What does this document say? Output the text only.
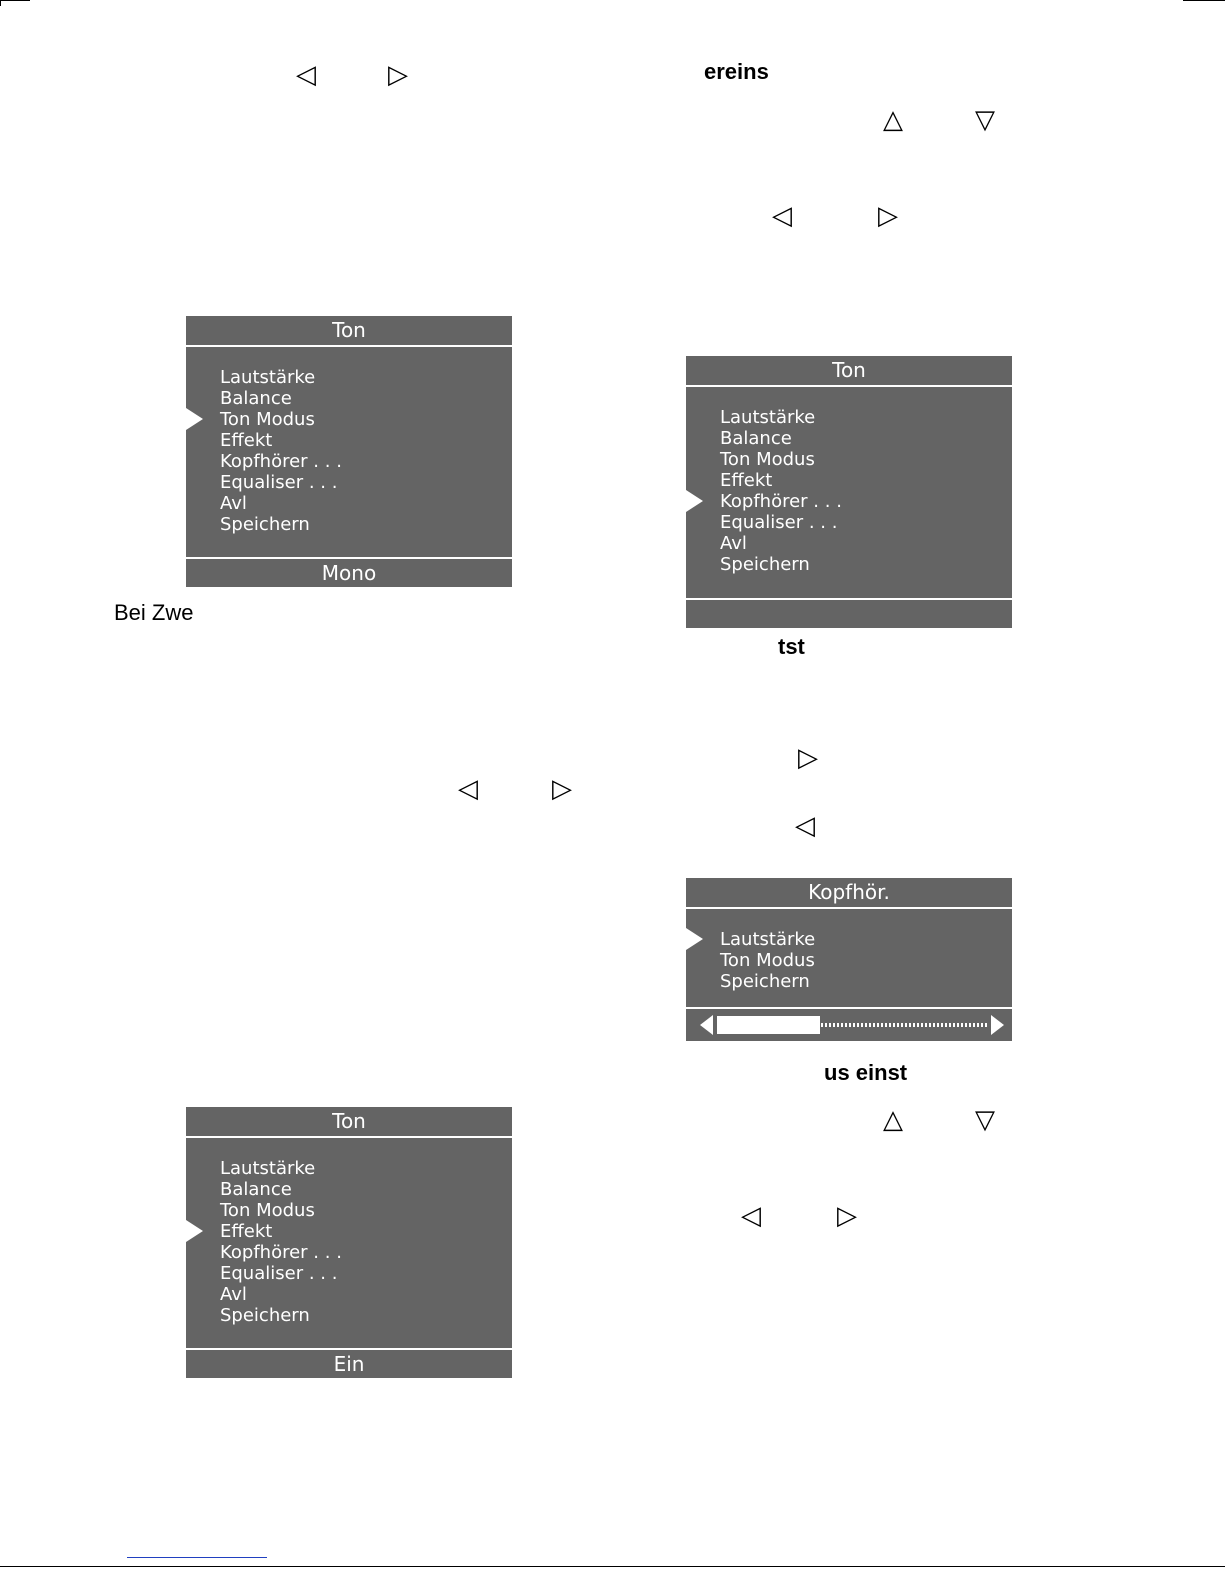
◁	▷	ereins
△	▽
◁	▷
Ton
Lautstärke
Balance
Ton Modus
Effekt
Kopfhörer . . .
Equaliser . . .
Avl
Speichern
Mono
Bei Zwe
Ton
Lautstärke
Balance
Ton Modus
Effekt
Kopfhörer . . .
Equaliser . . .
Avl
Speichern
tst
▷
◁	▷
◁
Kopfhör.
Lautstärke
Ton Modus
Speichern
us einst
Ton
Lautstärke
Balance
Ton Modus
Effekt
Kopfhörer . . .
Equaliser . . .
Avl
Speichern
Ein
△	▽
◁	▷
